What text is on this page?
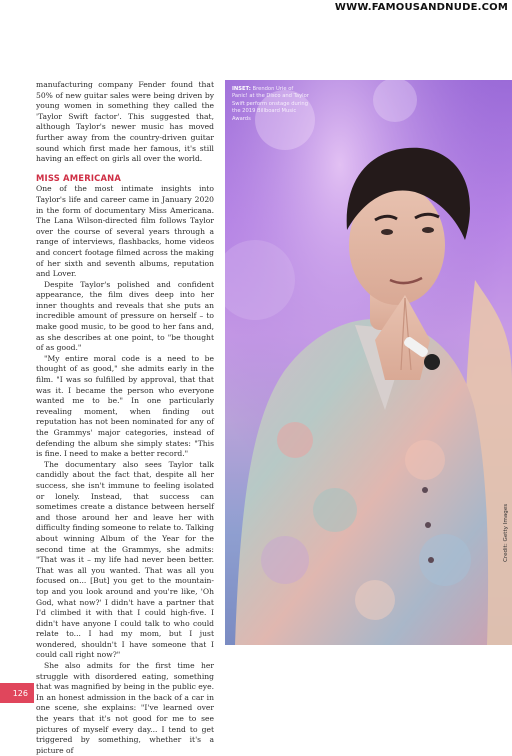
WWW.FAMOUSANDNUDE.COM

manufacturing company Fender found that 50% of new guitar sales were being driven by young women in something they called the 'Taylor Swift factor'. This suggested that, although Taylor's newer music has moved further away from the country-driven guitar sound which first made her famous, it's still having an effect on girls all over the world.

MISS AMERICANA

One of the most intimate insights into Taylor's life and career came in January 2020 in the form of documentary Miss Americana. The Lana Wilson-directed film follows Taylor over the course of several years through a range of interviews, flashbacks, home videos and concert footage filmed across the making of her sixth and seventh albums, reputation and Lover.

Despite Taylor's polished and confident appearance, the film dives deep into her inner thoughts and reveals that she puts an incredible amount of pressure on herself – to make good music, to be good to her fans and, as she describes at one point, to "be thought of as good."

"My entire moral code is a need to be thought of as good," she admits early in the film. "I was so fulfilled by approval, that that was it. I became the person who everyone wanted me to be." In one particularly revealing moment, when finding out reputation has not been nominated for any of the Grammys' major categories, instead of defending the album she simply states: "This is fine. I need to make a better record."

The documentary also sees Taylor talk candidly about the fact that, despite all her success, she isn't immune to feeling isolated or lonely. Instead, that success can sometimes create a distance between herself and those around her and leave her with difficulty finding someone to relate to. Talking about winning Album of the Year for the second time at the Grammys, she admits: "That was it – my life had never been better. That was all you wanted. That was all you focused on... [But] you get to the mountain-top and you look around and you're like, 'Oh God, what now?' I didn't have a partner that I'd climbed it with that I could high-five. I didn't have anyone I could talk to who could relate to... I had my mom, but I just wondered, shouldn't I have someone that I could call right now?"

She also admits for the first time her struggle with disordered eating, something that was magnified by being in the public eye. In an honest admission in the back of a car in one scene, she explains: "I've learned over the years that it's not good for me to see pictures of myself every day... I tend to get triggered by something, whether it's a picture of

INSET: Brendon Urie of Panic! at the Disco and Taylor Swift perform onstage during the 2019 Billboard Music Awards
Credit: Getty Images
126
